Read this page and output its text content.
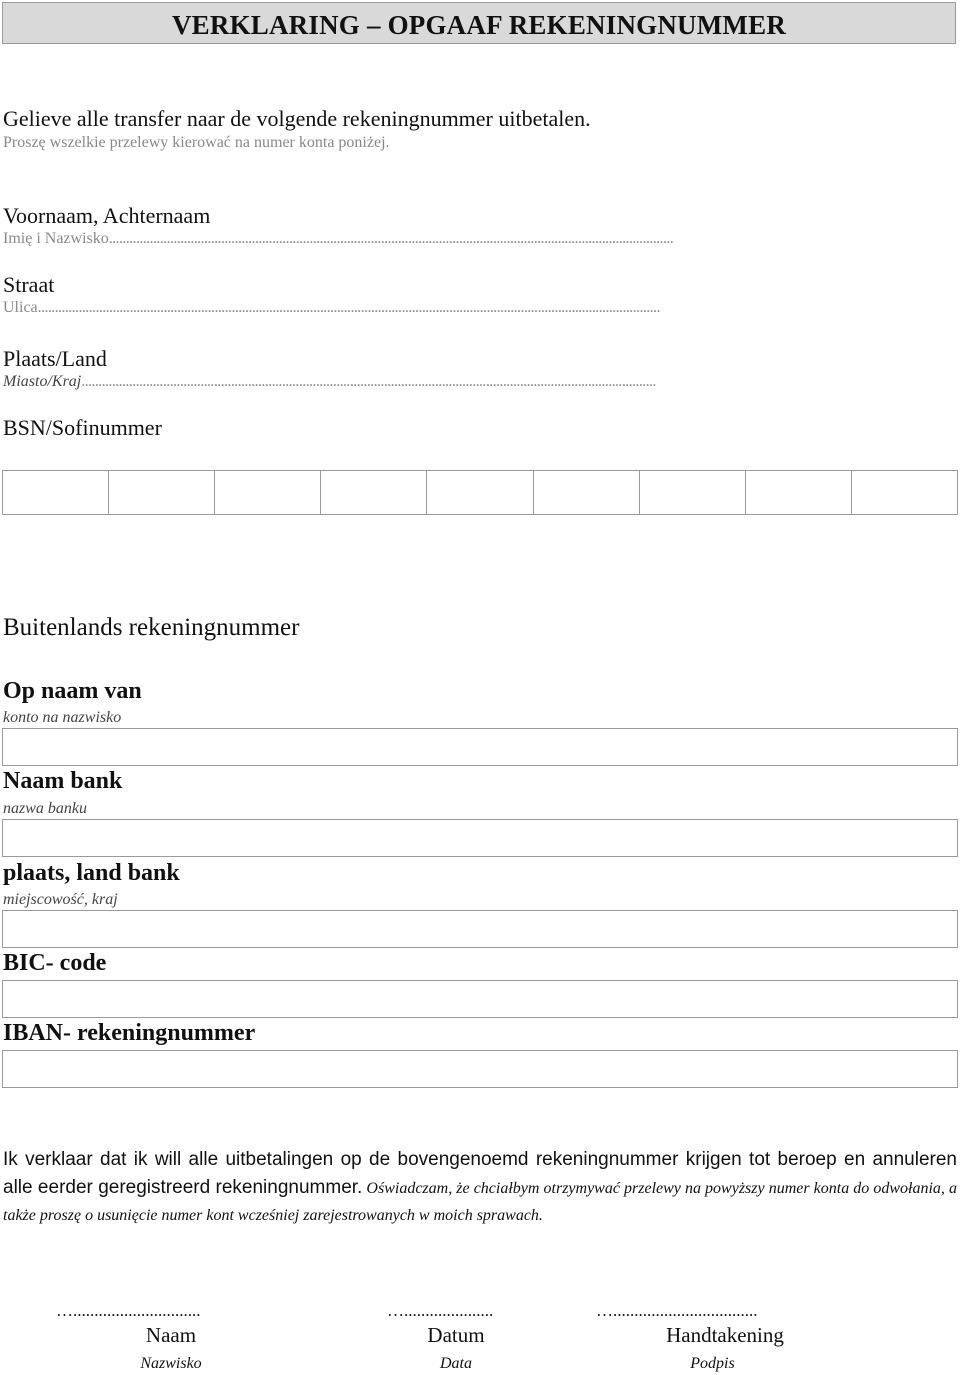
VERKLARING – OPGAAF REKENINGNUMMER
Gelieve alle transfer naar de volgende rekeningnummer uitbetalen.
Proszę wszelkie przelewy kierować na numer konta poniżej.
Voornaam, Achternaam
Imię i Nazwisko......................................................................................................................................................................
Straat
Ulica.......................................................................................................................................................................................
Plaats/Land
Miasto/Kraj.........................................................................................................................................................................
BSN/Sofinummer
Buitenlands rekeningnummer
Op naam van
konto na nazwisko
Naam bank
nazwa banku
plaats, land bank
miejscowość, kraj
BIC- code
IBAN- rekeningnummer
Ik verklaar dat ik will alle uitbetalingen op de bovengenoemd rekeningnummer krijgen tot beroep en annuleren alle eerder geregistreerd rekeningnummer. Oświadczam, że chciałbym otrzymywać przelewy na powyższy numer konta do odwołania, a także proszę o usunięcie numer kont wcześniej zarejestrowanych w moich sprawach.
…..............................	….....................	…..................................
Naam	Datum	Handtakening
Nazwisko	Data	Podpis
